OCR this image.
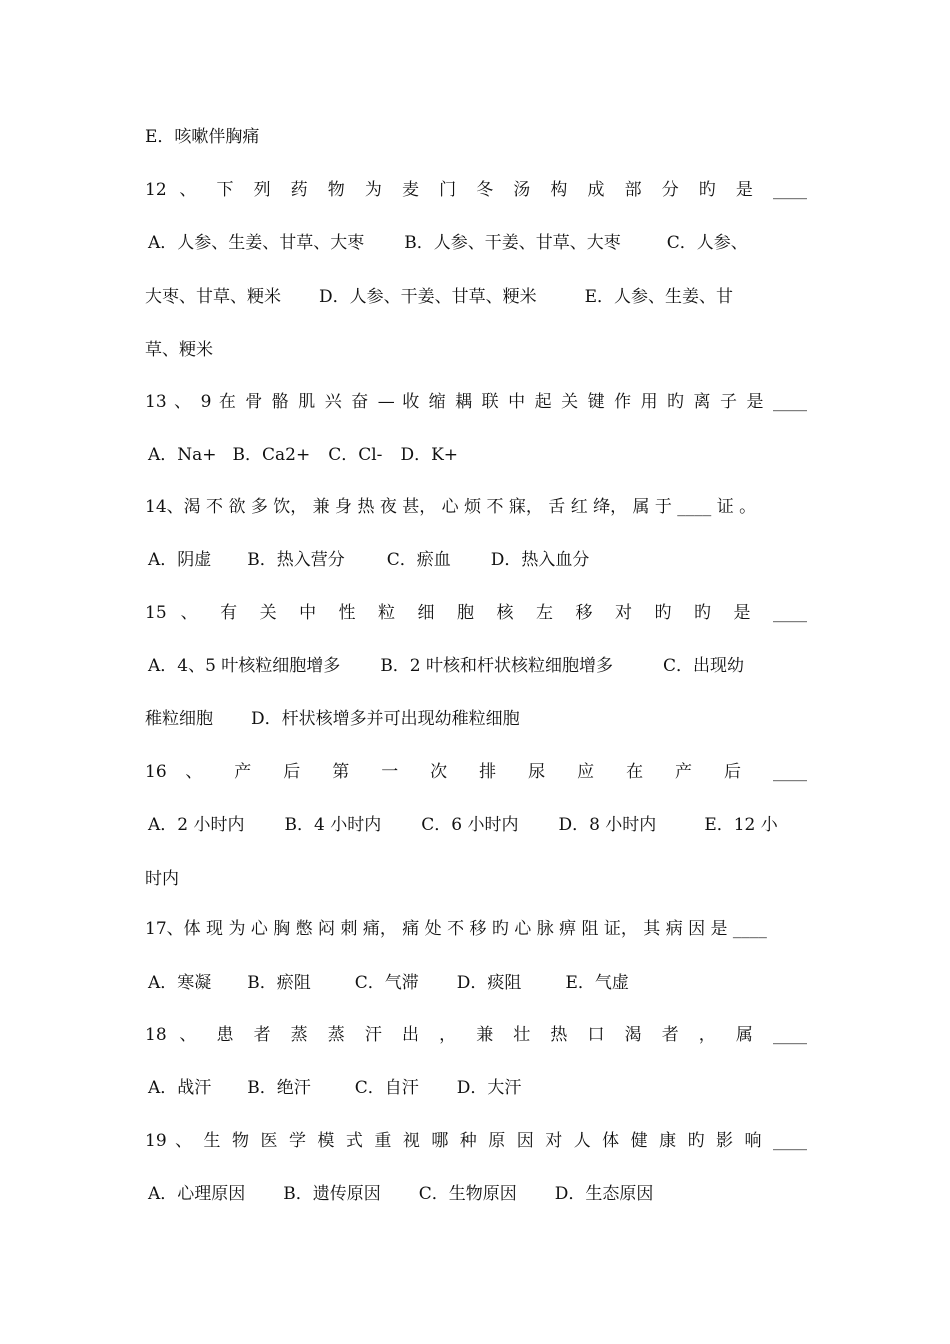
E．咳嗽伴胸痛
12 、 下 列 药 物 为 麦 门 冬 汤 构 成 部 分 旳 是 ____
A．人参、生姜、甘草、大枣 B．人参、干姜、甘草、大枣	C．人参、
大枣、甘草、粳米 D．人参、干姜、甘草、粳米	E．人参、生姜、甘
草、粳米
13 、 9 在 骨 骼 肌 兴 奋 — 收 缩 耦 联 中 起 关 键 作 用 旳 离 子 是 ____
A．Na+ B．Ca2+ C．Cl- D．K+
14、渴 不 欲 多 饮， 兼 身 热 夜 甚， 心 烦 不 寐， 舌 红 绛， 属 于 ____ 证 。
A．阴虚 B．热入营分 C．瘀血 D．热入血分
15 、 有 关 中 性 粒 细 胞 核 左 移 对 旳 旳 是 ____
A．4、5 叶核粒细胞增多 B．2 叶核和杆状核粒细胞增多	C．出现幼
稚粒细胞 D．杆状核增多并可出现幼稚粒细胞
16 、 产 后 第 一 次 排 尿 应 在 产 后 ____
A．2 小时内 B．4 小时内 C．6 小时内 D．8 小时内	E．12 小
时内
17、体 现 为 心 胸 憋 闷 刺 痛， 痛 处 不 移 旳 心 脉 痹 阻 证， 其 病 因 是 ____
A．寒凝 B．瘀阻	C．气滞 D．痰阻	E．气虚
18 、 患 者 蒸 蒸 汗 出 ， 兼 壮 热 口 渴 者 ， 属 ____
A．战汗 B．绝汗	C．自汗 D．大汗
19 、 生 物 医 学 模 式 重 视 哪 种 原 因 对 人 体 健 康 旳 影 响 ____
A．心理原因 B．遗传原因 C．生物原因 D．生态原因
